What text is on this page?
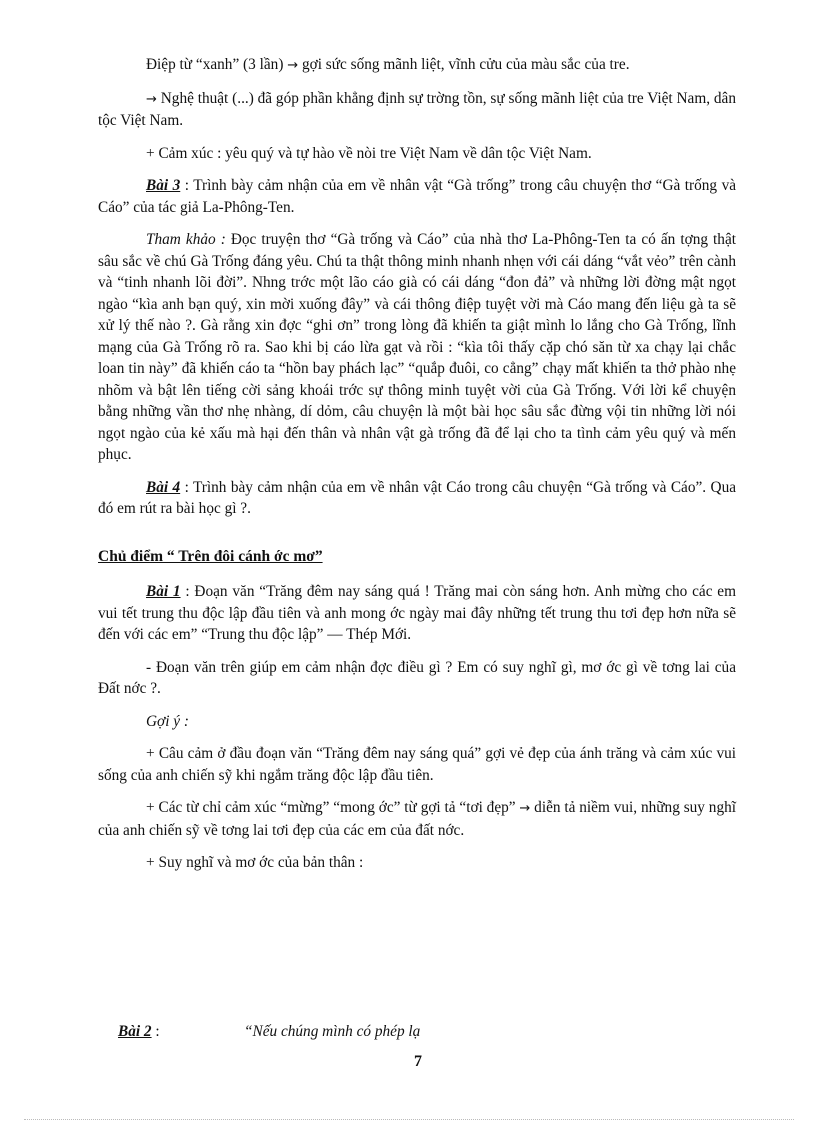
Điệp từ “xanh” (3 lần) → gợi sức sống mãnh liệt, vĩnh cửu của màu sắc của tre.

→ Nghệ thuật (...) đã góp phần khẳng định sự trờng tồn, sự sống mãnh liệt của tre Việt Nam, dân tộc Việt Nam.

+ Cảm xúc : yêu quý và tự hào về nòi tre Việt Nam về dân tộc Việt Nam.

Bài 3 : Trình bày cảm nhận của em về nhân vật “Gà trống” trong câu chuyện thơ “Gà trống và Cáo” của tác giả La-Phông-Ten.

Tham khảo : Đọc truyện thơ “Gà trống và Cáo” của nhà thơ La-Phông-Ten ta có ấn tợng thật sâu sắc về chú Gà Trống đáng yêu. Chú ta thật thông minh nhanh nhẹn với cái dáng “vắt vẻo” trên cành và “tinh nhanh lõi đời”. Nhng trớc một lão cáo già có cái dáng “đon đả” và những lời đờng mật ngọt ngào “kìa anh bạn quý, xin mời xuống đây” và cái thông điệp tuyệt vời mà Cáo mang đến liệu gà ta sẽ xử lý thế nào ?. Gà rằng xin đợc “ghi ơn” trong lòng đã khiến ta giật mình lo lắng cho Gà Trống, lĩnh mạng của Gà Trống rõ ra. Sao khi bị cáo lừa gạt và rồi : “kìa tôi thấy cặp chó săn từ xa chạy lại chắc loan tin này” đã khiến cáo ta “hồn bay phách lạc” “quắp đuôi, co cẳng” chạy mất khiến ta thở phào nhẹ nhõm và bật lên tiếng cời sảng khoái trớc sự thông minh tuyệt vời của Gà Trống. Với lời kể chuyện bằng những vần thơ nhẹ nhàng, dí dỏm, câu chuyện là một bài học sâu sắc đừng vội tin những lời nói ngọt ngào của kẻ xấu mà hại đến thân và nhân vật gà trống đã để lại cho ta tình cảm yêu quý và mến phục.

Bài 4 : Trình bày cảm nhận của em về nhân vật Cáo trong câu chuyện “Gà trống và Cáo”. Qua đó em rút ra bài học gì ?.

Chủ điểm “ Trên đôi cánh ớc mơ”

Bài 1 : Đoạn văn “Trăng đêm nay sáng quá ! Trăng mai còn sáng hơn. Anh mừng cho các em vui tết trung thu độc lập đầu tiên và anh mong ớc ngày mai đây những tết trung thu tơi đẹp hơn nữa sẽ đến với các em” “Trung thu độc lập” — Thép Mới.

- Đoạn văn trên giúp em cảm nhận đợc điều gì ? Em có suy nghĩ gì, mơ ớc gì về tơng lai của Đất nớc ?.

Gợi ý :

+ Câu cảm ở đầu đoạn văn “Trăng đêm nay sáng quá” gợi vẻ đẹp của ánh trăng và cảm xúc vui sống của anh chiến sỹ khi ngắm trăng độc lập đầu tiên.

+ Các từ chỉ cảm xúc “mừng” “mong ớc” từ gợi tả “tơi đẹp” → diễn tả niềm vui, những suy nghĩ của anh chiến sỹ về tơng lai tơi đẹp của các em của đất nớc.

+ Suy nghĩ và mơ ớc của bản thân :

Bài 2 :	“Nếu chúng mình có phép lạ
7
